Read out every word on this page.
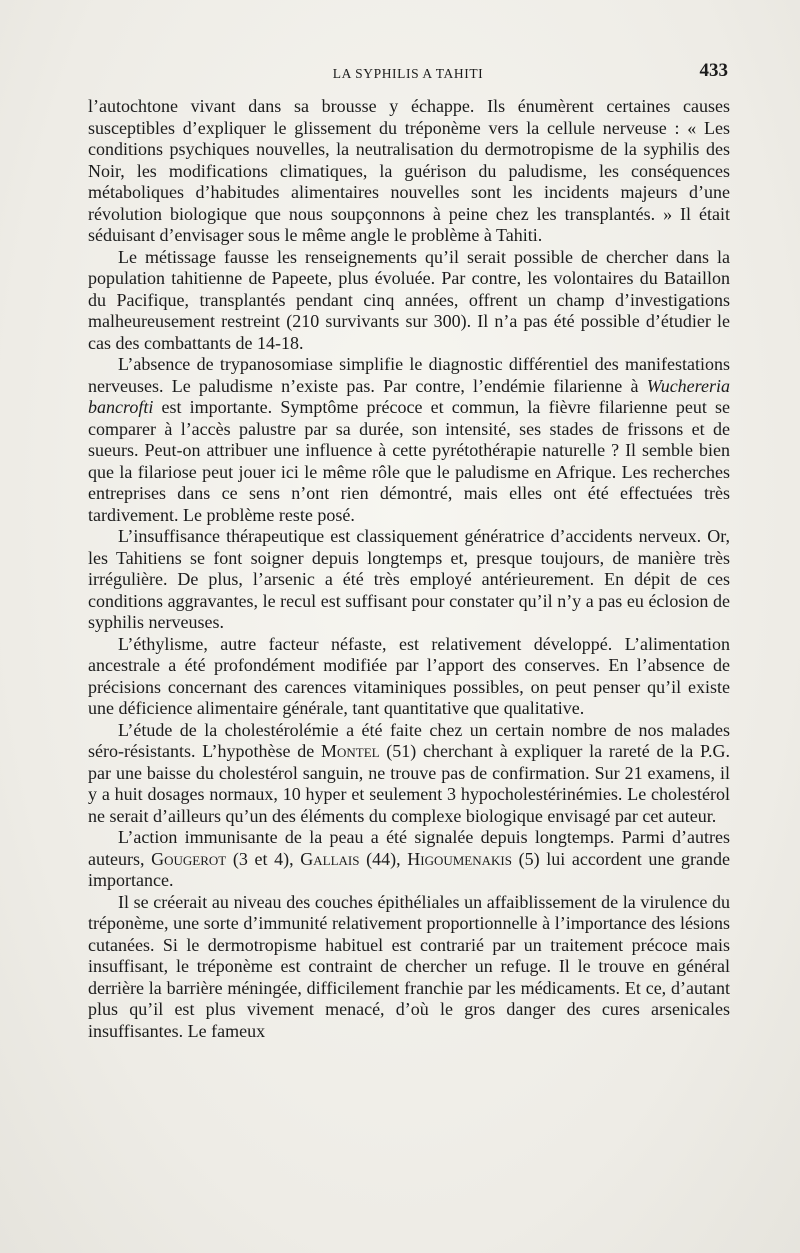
LA SYPHILIS A TAHITI	433

l’autochtone vivant dans sa brousse y échappe. Ils énumèrent certaines causes susceptibles d’expliquer le glissement du tréponème vers la cellule nerveuse : « Les conditions psychiques nouvelles, la neutralisation du dermotropisme de la syphilis des Noir, les modifications climatiques, la guérison du paludisme, les conséquences métaboliques d’habitudes alimentaires nouvelles sont les incidents majeurs d’une révolution biologique que nous soupçonnons à peine chez les transplantés. » Il était séduisant d’envisager sous le même angle le problème à Tahiti.

Le métissage fausse les renseignements qu’il serait possible de chercher dans la population tahitienne de Papeete, plus évoluée. Par contre, les volontaires du Bataillon du Pacifique, transplantés pendant cinq années, offrent un champ d’investigations malheureusement restreint (210 survivants sur 300). Il n’a pas été possible d’étudier le cas des combattants de 14-18.

L’absence de trypanosomiase simplifie le diagnostic différentiel des manifestations nerveuses. Le paludisme n’existe pas. Par contre, l’endémie filarienne à Wuchereria bancrofti est importante. Symptôme précoce et commun, la fièvre filarienne peut se comparer à l’accès palustre par sa durée, son intensité, ses stades de frissons et de sueurs. Peut-on attribuer une influence à cette pyrétothérapie naturelle ? Il semble bien que la filariose peut jouer ici le même rôle que le paludisme en Afrique. Les recherches entreprises dans ce sens n’ont rien démontré, mais elles ont été effectuées très tardivement. Le problème reste posé.

L’insuffisance thérapeutique est classiquement génératrice d’accidents nerveux. Or, les Tahitiens se font soigner depuis longtemps et, presque toujours, de manière très irrégulière. De plus, l’arsenic a été très employé antérieurement. En dépit de ces conditions aggravantes, le recul est suffisant pour constater qu’il n’y a pas eu éclosion de syphilis nerveuses.

L’éthylisme, autre facteur néfaste, est relativement développé. L’alimentation ancestrale a été profondément modifiée par l’apport des conserves. En l’absence de précisions concernant des carences vitaminiques possibles, on peut penser qu’il existe une déficience alimentaire générale, tant quantitative que qualitative.

L’étude de la cholestérolémie a été faite chez un certain nombre de nos malades séro-résistants. L’hypothèse de Montel (51) cherchant à expliquer la rareté de la P.G. par une baisse du cholestérol sanguin, ne trouve pas de confirmation. Sur 21 examens, il y a huit dosages normaux, 10 hyper et seulement 3 hypocholestérinémies. Le cholestérol ne serait d’ailleurs qu’un des éléments du complexe biologique envisagé par cet auteur.

L’action immunisante de la peau a été signalée depuis longtemps. Parmi d’autres auteurs, Gougerot (3 et 4), Gallais (44), Higoumenakis (5) lui accordent une grande importance.

Il se créerait au niveau des couches épithéliales un affaiblissement de la virulence du tréponème, une sorte d’immunité relativement proportionnelle à l’importance des lésions cutanées. Si le dermotropisme habituel est contrarié par un traitement précoce mais insuffisant, le tréponème est contraint de chercher un refuge. Il le trouve en général derrière la barrière méningée, difficilement franchie par les médicaments. Et ce, d’autant plus qu’il est plus vivement menacé, d’où le gros danger des cures arsenicales insuffisantes. Le fameux
